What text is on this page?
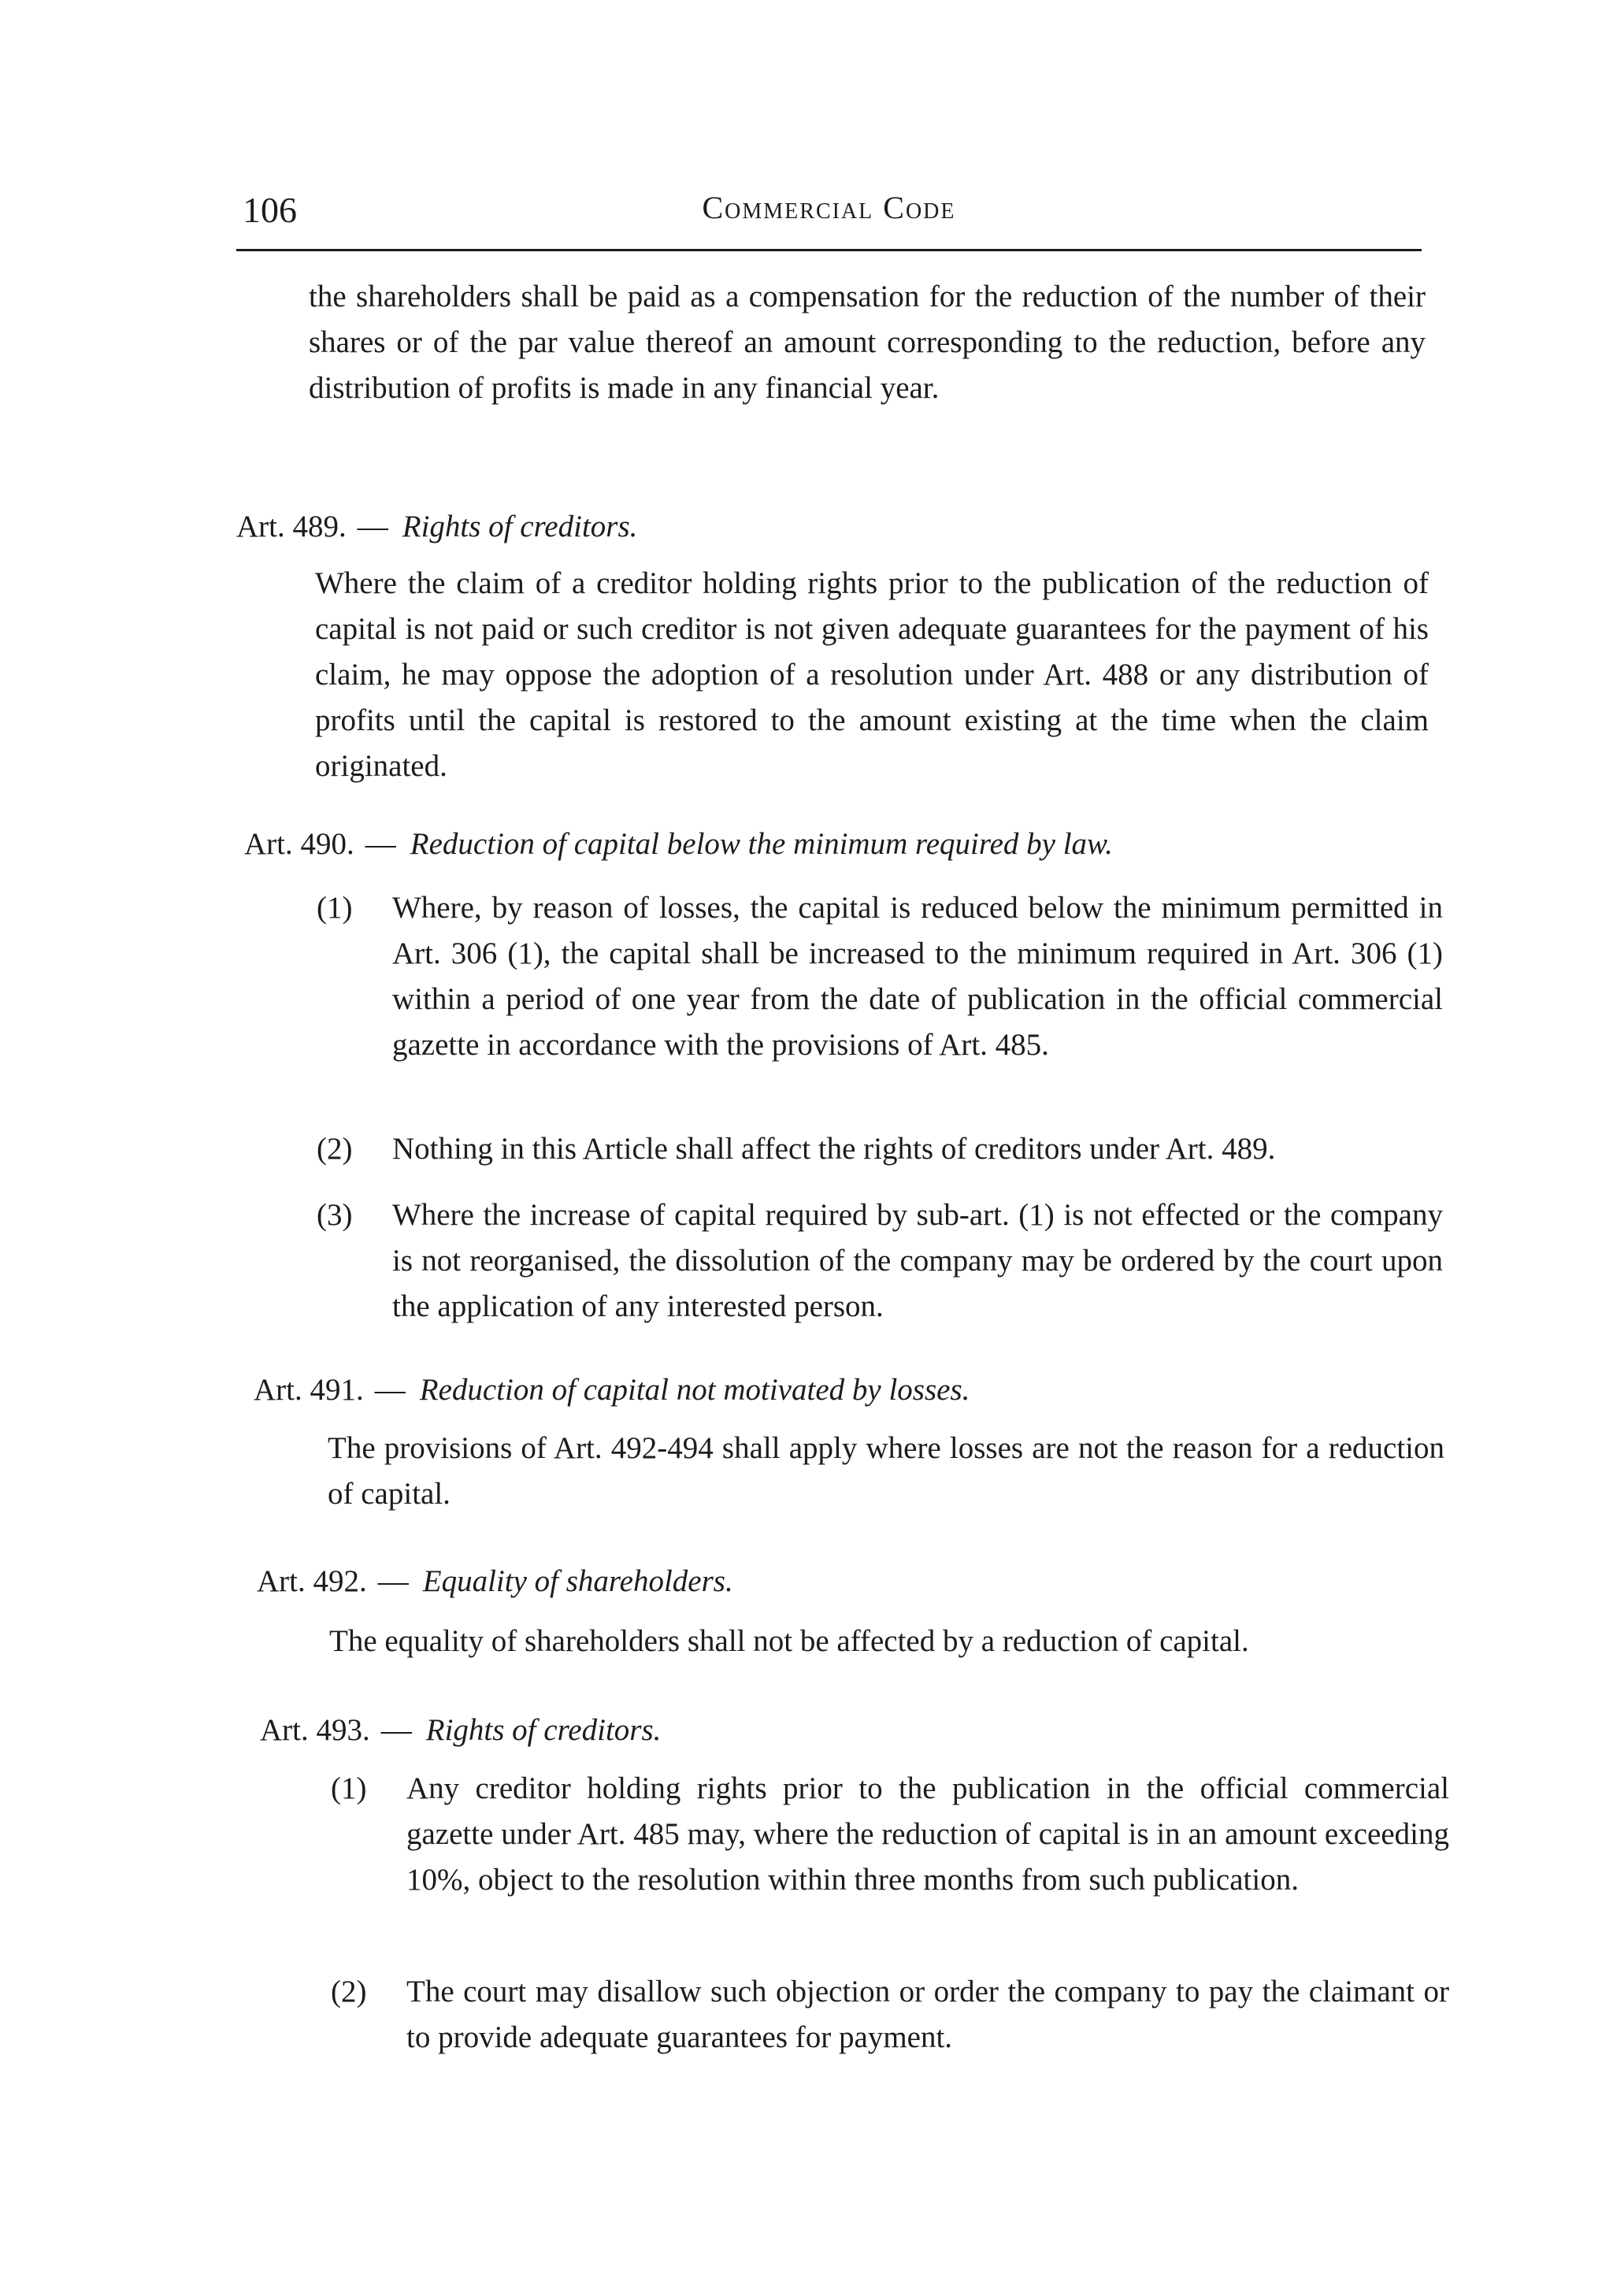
106	Commercial Code
the shareholders shall be paid as a compensation for the reduction of the number of their shares or of the par value thereof an amount corresponding to the reduction, before any distribution of profits is made in any financial year.
Art. 489. — Rights of creditors.
Where the claim of a creditor holding rights prior to the publication of the reduction of capital is not paid or such creditor is not given adequate guarantees for the payment of his claim, he may oppose the adoption of a resolution under Art. 488 or any distribution of profits until the capital is restored to the amount existing at the time when the claim originated.
Art. 490. — Reduction of capital below the minimum required by law.
(1) Where, by reason of losses, the capital is reduced below the minimum permitted in Art. 306 (1), the capital shall be increased to the minimum required in Art. 306 (1) within a period of one year from the date of publication in the official commercial gazette in accordance with the provisions of Art. 485.
(2) Nothing in this Article shall affect the rights of creditors under Art. 489.
(3) Where the increase of capital required by sub-art. (1) is not effected or the company is not reorganised, the dissolution of the company may be ordered by the court upon the application of any interested person.
Art. 491. — Reduction of capital not motivated by losses.
The provisions of Art. 492-494 shall apply where losses are not the reason for a reduction of capital.
Art. 492. — Equality of shareholders.
The equality of shareholders shall not be affected by a reduction of capital.
Art. 493. — Rights of creditors.
(1) Any creditor holding rights prior to the publication in the official commercial gazette under Art. 485 may, where the reduction of capital is in an amount exceeding 10%, object to the resolution within three months from such publication.
(2) The court may disallow such objection or order the company to pay the claimant or to provide adequate guarantees for payment.
